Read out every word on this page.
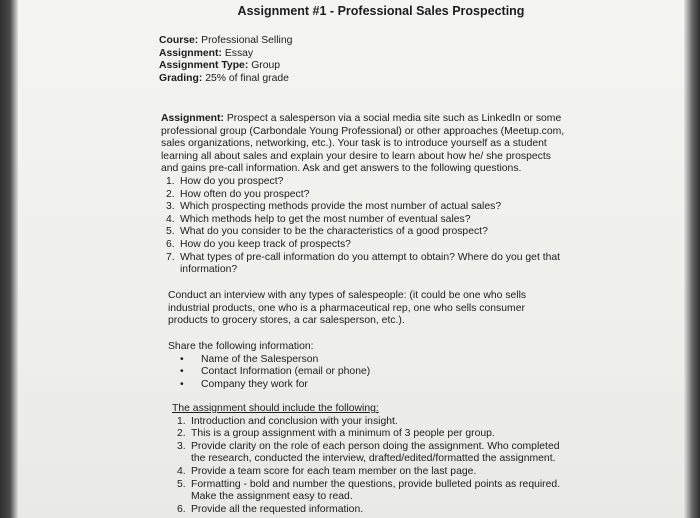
Assignment #1 - Professional Sales Prospecting
Course: Professional Selling
Assignment: Essay
Assignment Type: Group
Grading: 25% of final grade
Assignment: Prospect a salesperson via a social media site such as LinkedIn or some
professional group (Carbondale Young Professional) or other approaches (Meetup.com,
sales organizations, networking, etc.). Your task is to introduce yourself as a student
learning all about sales and explain your desire to learn about how he/ she prospects
and gains pre-call information. Ask and get answers to the following questions.
1. How do you prospect?
2. How often do you prospect?
3. Which prospecting methods provide the most number of actual sales?
4. Which methods help to get the most number of eventual sales?
5. What do you consider to be the characteristics of a good prospect?
6. How do you keep track of prospects?
7. What types of pre-call information do you attempt to obtain? Where do you get that
information?
Conduct an interview with any types of salespeople: (it could be one who sells
industrial products, one who is a pharmaceutical rep, one who sells consumer
products to grocery stores, a car salesperson, etc.).
Share the following information:
• Name of the Salesperson
• Contact Information (email or phone)
• Company they work for
The assignment should include the following:
1. Introduction and conclusion with your insight.
2. This is a group assignment with a minimum of 3 people per group.
3. Provide clarity on the role of each person doing the assignment. Who completed
the research, conducted the interview, drafted/edited/formatted the assignment.
4. Provide a team score for each team member on the last page.
5. Formatting - bold and number the questions, provide bulleted points as required.
Make the assignment easy to read.
6. Provide all the requested information.
